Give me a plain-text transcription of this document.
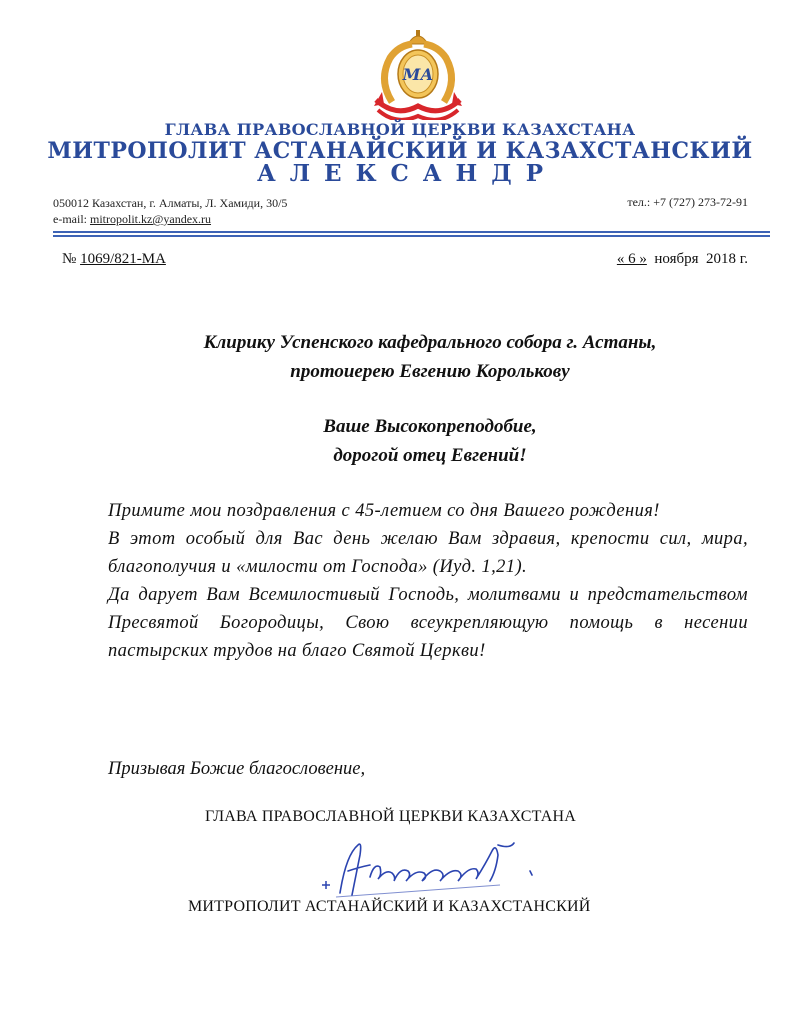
МА
ГЛАВА ПРАВОСЛАВНОЙ ЦЕРКВИ КАЗАХСТАНА
МИТРОПОЛИТ АСТАНАЙСКИЙ И КАЗАХСТАНСКИЙ
АЛЕКСАНДР
050012 Казахстан, г. Алматы, Л. Хамиди, 30/5
e-mail: mitropolit.kz@yandex.ru
тел.: +7 (727) 273-72-91
№ 1069/821-МА	« 6 »  ноября  2018 г.
Клирику Успенского кафедрального собора г. Астаны,
протоиерею Евгению Королькову
Ваше Высокопреподобие,
дорогой отец Евгений!

Примите мои поздравления с 45-летием со дня Вашего рождения!

В этот особый для Вас день желаю Вам здравия, крепости сил, мира, благополучия и «милости от Господа» (Иуд. 1,21).

Да дарует Вам Всемилостивый Господь, молитвами и предстательством Пресвятой Богородицы, Свою всеукрепляющую помощь в несении пастырских трудов на благо Святой Церкви!

Призывая Божие благословение,
ГЛАВА ПРАВОСЛАВНОЙ ЦЕРКВИ КАЗАХСТАНА
МИТРОПОЛИТ АСТАНАЙСКИЙ И КАЗАХСТАНСКИЙ
